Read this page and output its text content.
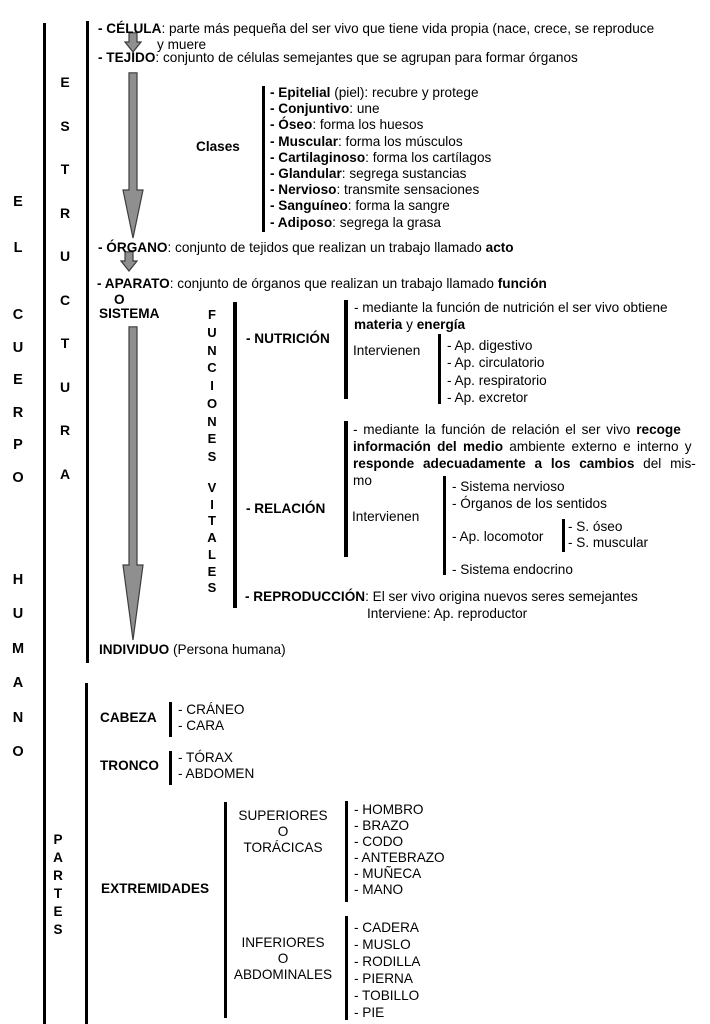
E
L
C
U
E
R
P
O
H
U
M
A
N
O
E
S
T
R
U
C
T
U
R
A
P
A
R
T
E
S
F
U
N
C
I
O
N
E
S
V
I
T
A
L
E
S
- CÉLULA: parte más pequeña del ser vivo que tiene vida propia (nace, crece, se reproduce
y muere
- TEJIDO: conjunto de células semejantes que se agrupan para formar órganos
Clases
- Epitelial (piel): recubre y protege
- Conjuntivo: une
- Óseo: forma los huesos
- Muscular: forma los músculos
- Cartilaginoso: forma los cartílagos
- Glandular: segrega sustancias
- Nervioso: transmite sensaciones
- Sanguíneo: forma la sangre
- Adiposo: segrega la grasa
- ÓRGANO: conjunto de tejidos que realizan un trabajo llamado acto
- APARATO: conjunto de órganos que realizan un trabajo llamado función
O
SISTEMA
- NUTRICIÓN
- mediante la función de nutrición el ser vivo obtiene
materia y energía
Intervienen - Ap. digestivo
- Ap. circulatorio
- Ap. respiratorio
- Ap. excretor
- RELACIÓN
- mediante la función de relación el ser vivo recoge
información del medio ambiente externo e interno y
responde adecuadamente a los cambios del mis-
mo
Intervienen
- Sistema nervioso
- Órganos de los sentidos
- Ap. locomotor
- S. óseo
- S. muscular
- Sistema endocrino
- REPRODUCCIÓN: El ser vivo origina nuevos seres semejantes
Interviene: Ap. reproductor
INDIVIDUO (Persona humana)
CABEZA
- CRÁNEO
- CARA
TRONCO
- TÓRAX
- ABDOMEN
EXTREMIDADES
SUPERIORES
O
TORÁCICAS
- HOMBRO
- BRAZO
- CODO
- ANTEBRAZO
- MUÑECA
- MANO
INFERIORES
O
ABDOMINALES
- CADERA
- MUSLO
- RODILLA
- PIERNA
- TOBILLO
- PIE
